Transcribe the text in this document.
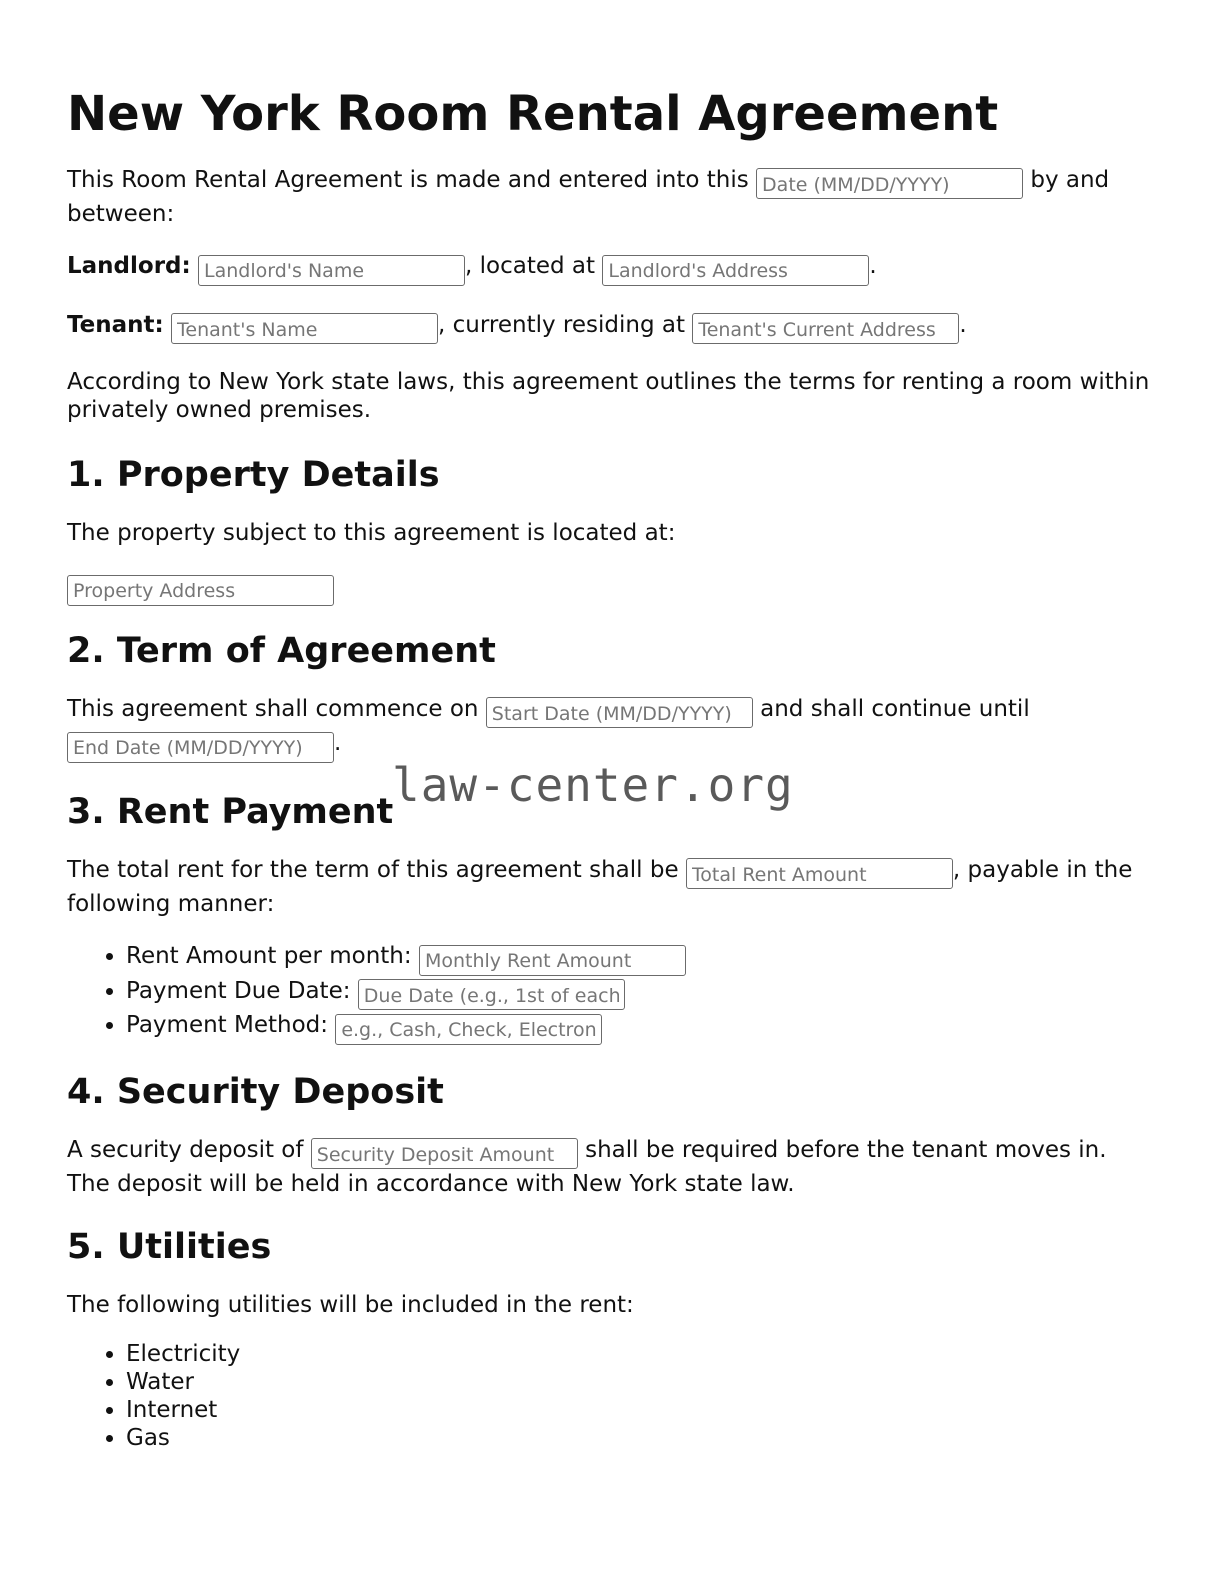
New York Room Rental Agreement

This Room Rental Agreement is made and entered into this Date (MM/DD/YYYY)	by and between:

Landlord: Landlord's Name	, located at Landlord's Address	.

Tenant: Tenant's Name	, currently residing at Tenant's Current Address	.

According to New York state laws, this agreement outlines the terms for renting a room within privately owned premises.

1. Property Details

The property subject to this agreement is located at:

Property Address

2. Term of Agreement

This agreement shall commence on Start Date (MM/DD/YYYY)	and shall continue until End Date (MM/DD/YYYY).

3. Rent Payment

The total rent for the term of this agreement shall be Total Rent Amount	, payable in the following manner:

• Rent Amount per month: Monthly Rent Amount
• Payment Due Date: Due Date (e.g., 1st of each
• Payment Method: e.g., Cash, Check, Electron
4. Security Deposit

A security deposit of Security Deposit Amount	shall be required before the tenant moves in. The deposit will be held in accordance with New York state law.

5. Utilities

The following utilities will be included in the rent:

• Electricity
• Water
• Internet
• Gas
law-center.org
